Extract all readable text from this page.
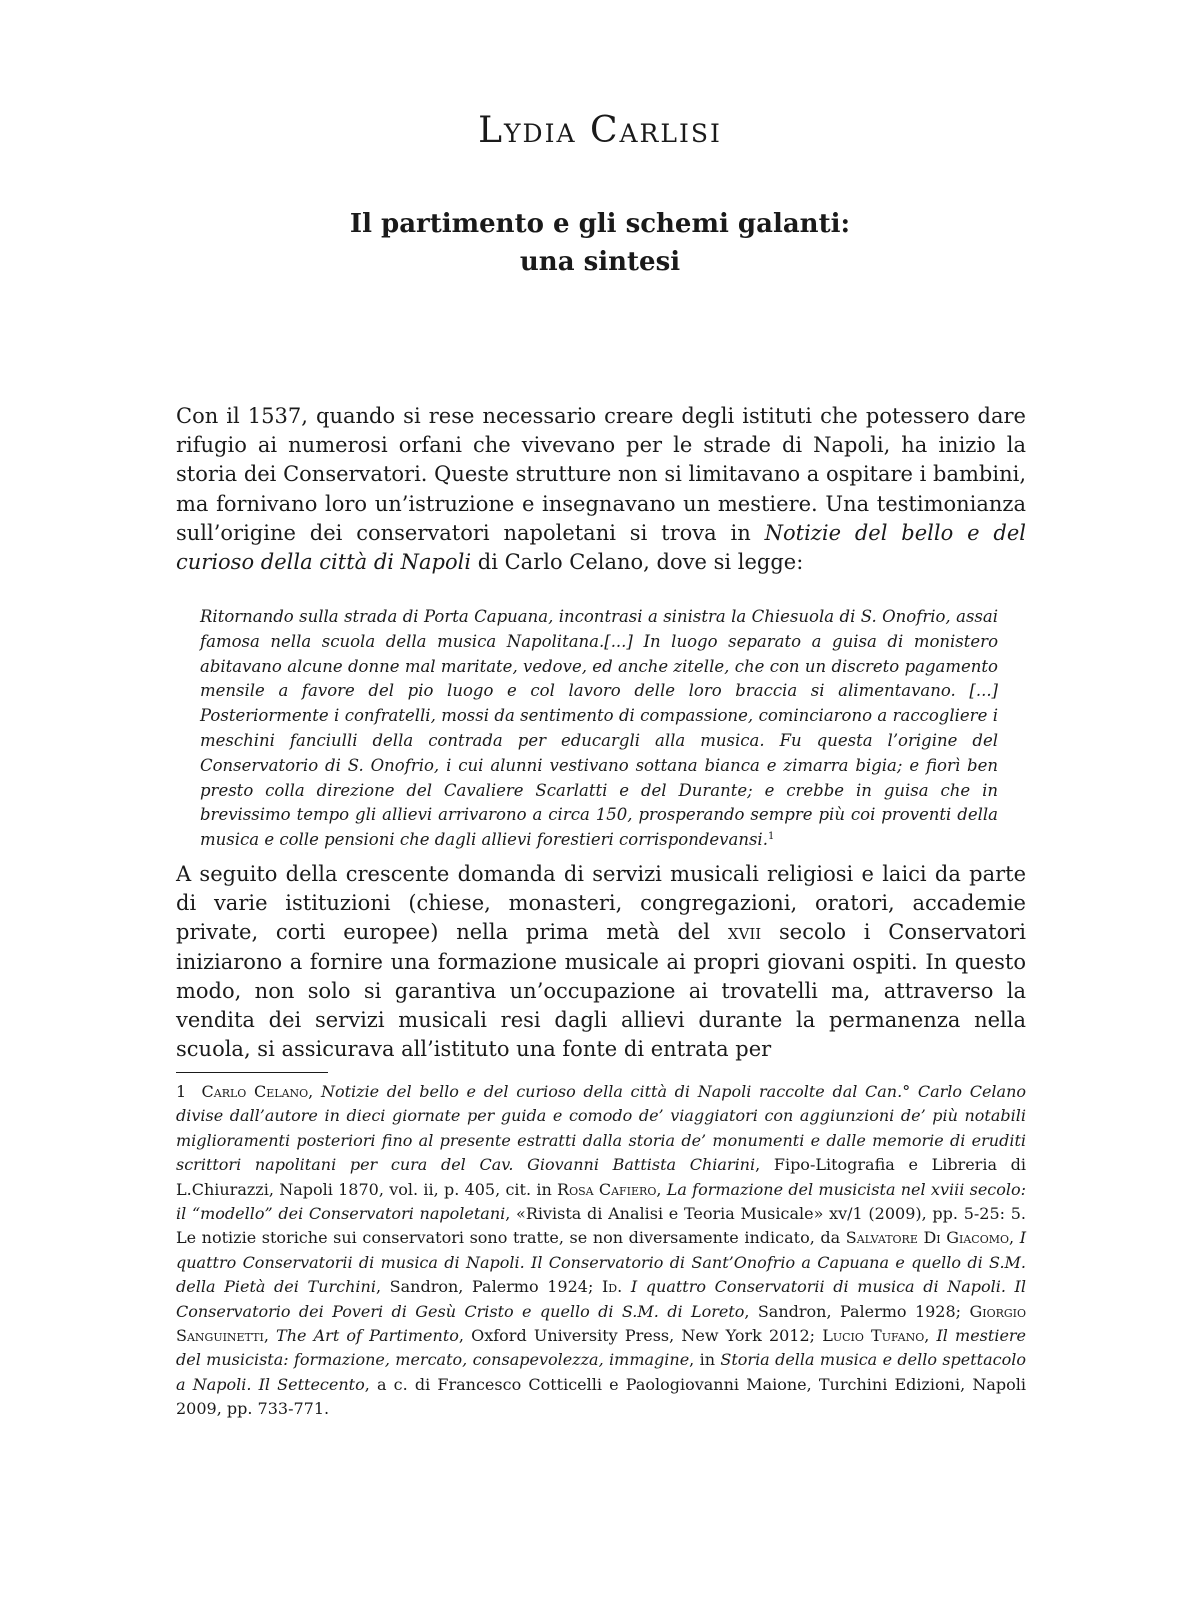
Lydia Carlisi
Il partimento e gli schemi galanti:
una sintesi

Con il 1537, quando si rese necessario creare degli istituti che potessero dare rifugio ai numerosi orfani che vivevano per le strade di Napoli, ha inizio la storia dei Conservatori. Queste strutture non si limitavano a ospitare i bambini, ma fornivano loro un’istruzione e insegnavano un mestiere. Una testimonianza sull’origine dei conservatori napoletani si trova in Notizie del bello e del curioso della città di Napoli di Carlo Celano, dove si legge:

Ritornando sulla strada di Porta Capuana, incontrasi a sinistra la Chiesuola di S. Onofrio, assai famosa nella scuola della musica Napolitana.[...] In luogo separato a guisa di monistero abitavano alcune donne mal maritate, vedove, ed anche zitelle, che con un discreto pagamento mensile a favore del pio luogo e col lavoro delle loro braccia si alimentavano. [...] Posteriormente i confratelli, mossi da sentimento di compassione, cominciarono a raccogliere i meschini fanciulli della contrada per educargli alla musica. Fu questa l’origine del Conservatorio di S. Onofrio, i cui alunni vestivano sottana bianca e zimarra bigia; e fiorì ben presto colla direzione del Cavaliere Scarlatti e del Durante; e crebbe in guisa che in brevissimo tempo gli allievi arrivarono a circa 150, prosperando sempre più coi proventi della musica e colle pensioni che dagli allievi forestieri corrispondevansi.$^1$

A seguito della crescente domanda di servizi musicali religiosi e laici da parte di varie istituzioni (chiese, monasteri, congregazioni, oratori, accademie private, corti europee) nella prima metà del xvii secolo i Conservatori iniziarono a fornire una formazione musicale ai propri giovani ospiti. In questo modo, non solo si garantiva un’occupazione ai trovatelli ma, attraverso la vendita dei servizi musicali resi dagli allievi durante la permanenza nella scuola, si assicurava all’istituto una fonte di entrata per

1 Carlo Celano, Notizie del bello e del curioso della città di Napoli raccolte dal Can.° Carlo Celano divise dall’autore in dieci giornate per guida e comodo de’ viaggiatori con aggiunzioni de’ più notabili miglioramenti posteriori fino al presente estratti dalla storia de’ monumenti e dalle memorie di eruditi scrittori napolitani per cura del Cav. Giovanni Battista Chiarini, Fipo-Litografia e Libreria di L.Chiurazzi, Napoli 1870, vol. ii, p. 405, cit. in Rosa Cafiero, La formazione del musicista nel xviii secolo: il “modello” dei Conservatori napoletani, «Rivista di Analisi e Teoria Musicale» xv/1 (2009), pp. 5-25: 5. Le notizie storiche sui conservatori sono tratte, se non diversamente indicato, da Salvatore Di Giacomo, I quattro Conservatorii di musica di Napoli. Il Conservatorio di Sant’Onofrio a Capuana e quello di S.M. della Pietà dei Turchini, Sandron, Palermo 1924; Id. I quattro Conservatorii di musica di Napoli. Il Conservatorio dei Poveri di Gesù Cristo e quello di S.M. di Loreto, Sandron, Palermo 1928; Giorgio Sanguinetti, The Art of Partimento, Oxford University Press, New York 2012; Lucio Tufano, Il mestiere del musicista: formazione, mercato, consapevolezza, immagine, in Storia della musica e dello spettacolo a Napoli. Il Settecento, a c. di Francesco Cotticelli e Paologiovanni Maione, Turchini Edizioni, Napoli 2009, pp. 733-771.
